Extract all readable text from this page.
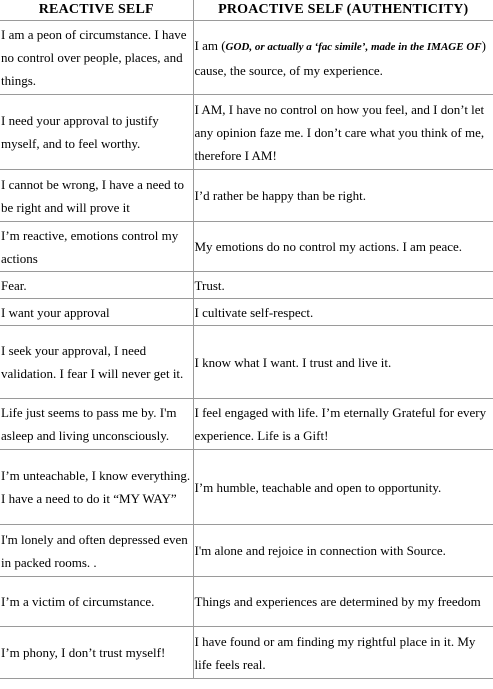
REACTIVE SELF	PROACTIVE SELF (AUTHENTICITY)
I am a peon of circumstance. I have no control over people, places, and things.	I am (GOD, or actually a ‘fac simile’, made in the IMAGE OF) cause, the source, of my experience.
I need your approval to justify myself, and to feel worthy.	I AM, I have no control on how you feel, and I don’t let any opinion faze me. I don’t care what you think of me, therefore I AM!
I cannot be wrong, I have a need to be right and will prove it	I’d rather be happy than be right.
I’m reactive, emotions control my actions	My emotions do no control my actions. I am peace.
Fear.	Trust.
I want your approval	I cultivate self-respect.
I seek your approval, I need validation. I fear I will never get it.	I know what I want. I trust and live it.
Life just seems to pass me by. I'm asleep and living unconsciously.	I feel engaged with life. I’m eternally Grateful for every experience. Life is a Gift!
I’m unteachable, I know everything. I have a need to do it “MY WAY”	I’m humble, teachable and open to opportunity.
I'm lonely and often depressed even in packed rooms. .	I'm alone and rejoice in connection with Source.
I’m a victim of circumstance.	Things and experiences are determined by my freedom
I’m phony, I don’t trust myself!	I have found or am finding my rightful place in it. My life feels real.
